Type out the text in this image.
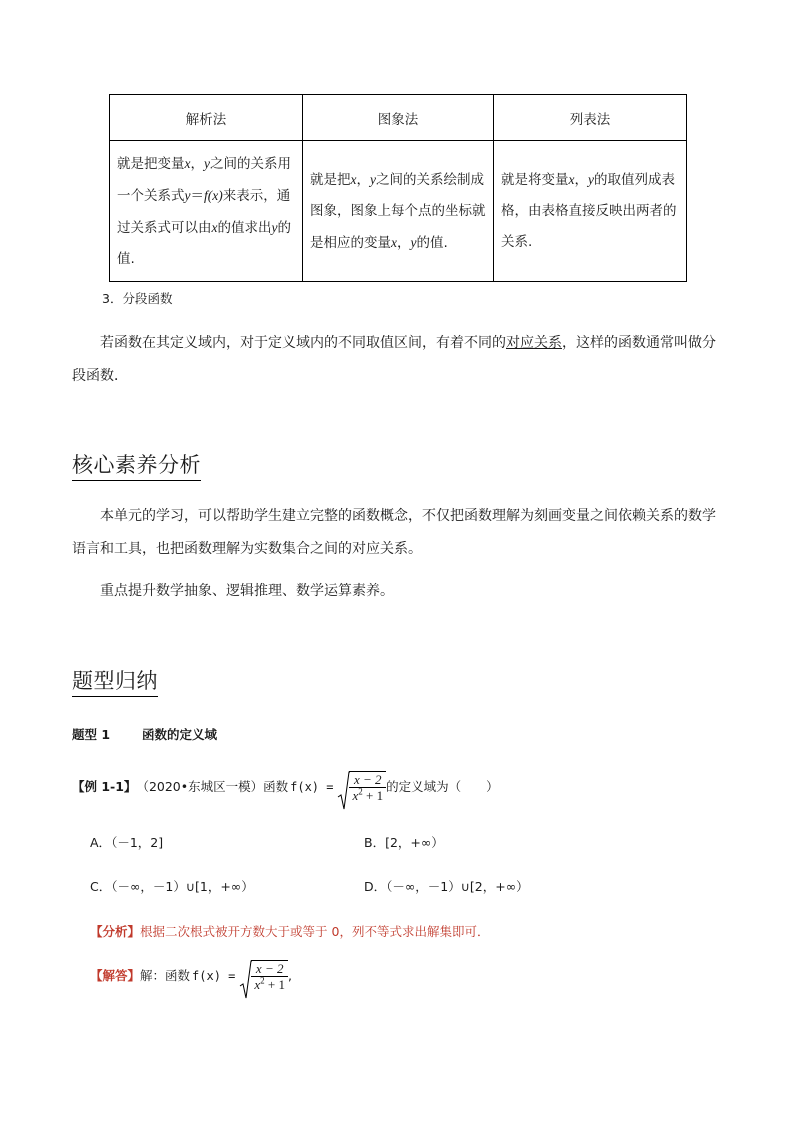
解析法	图象法	列表法
就是把变量x，y之间的关系用一个关系式y＝f(x)来表示，通过关系式可以由x的值求出y的值.	就是把x，y之间的关系绘制成图象，图象上每个点的坐标就是相应的变量x，y的值.	就是将变量x，y的取值列成表格，由表格直接反映出两者的关系.
3．分段函数
若函数在其定义域内，对于定义域内的不同取值区间，有着不同的对应关系，这样的函数通常叫做分
段函数．
核心素养分析
本单元的学习，可以帮助学生建立完整的函数概念，不仅把函数理解为刻画变量之间依赖关系的数学
语言和工具，也把函数理解为实数集合之间的对应关系。
重点提升数学抽象、逻辑推理、数学运算素养。
题型归纳
题型 1	函数的定义域
【例 1-1】 （2020•东城区一模）函数 $f(x) = \frac{x - 2}{x^2 + 1}$ 的定义域为（　　）
A．（－1，2]	B．[2，+∞）
C．（－∞，－1）∪[1，+∞）	D．（－∞，－1）∪[2，+∞）
【分析】根据二次根式被开方数大于或等于 0，列不等式求出解集即可．
【解答】 解：函数 $f(x) = \frac{x - 2}{x^2 + 1}$ ,
